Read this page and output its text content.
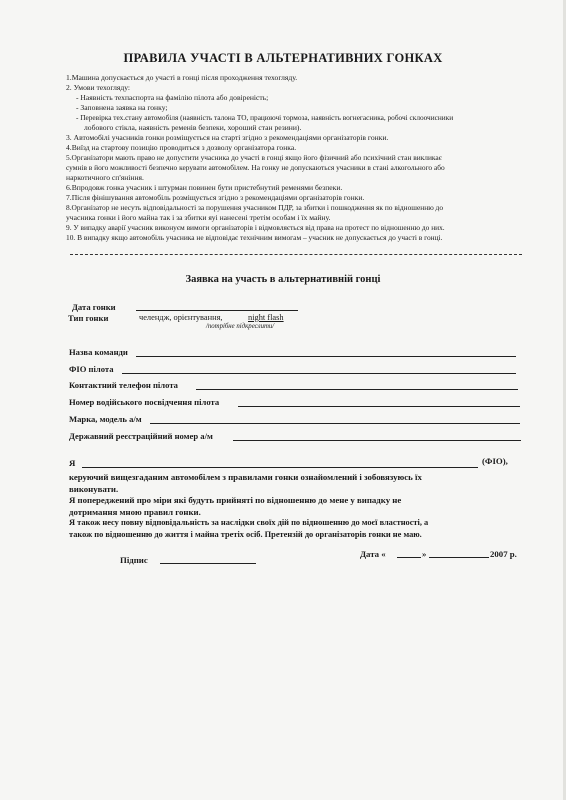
ПРАВИЛА УЧАСТІ В АЛЬТЕРНАТИВНИХ ГОНКАХ
1.Машина допускається до участі в гонці після проходження техогляду.
2. Умови техогляду:
- Наявність техпаспорта на фамілію пілота або довіреність;
- Заповнена заявка на гонку;
- Перевірка тех.стану автомобіля (наявність талона ТО, працюючі тормоза, наявність вогнегасника, робочі склоочисники
лобового стікла, наявність ременів безпеки, хороший стан резини).
3. Автомобілі учасників гонки розміщується на старті згідно з рекомендаціями організаторів гонки.
4.Виїзд на стартову позицію проводиться з дозволу організатора гонка.
5.Організатори мають право не допустити учасника до участі в гонці якщо його фізичний або психічний стан викликає
сумнів в його можливості безпечно керувати автомобілем. На гонку не допускаються учасники в стані алкогольного або
наркотичного сп'яніння.
6.Впродовж гонка учасник і штурман повинен бути пристебнутий ременями безпеки.
7.Після фінішування автомобіль розміщується згідно з рекомендаціями організаторів гонки.
8.Організатор не несуть відповідальності за порушення учасником ПДР, за збитки і пошкодження як по відношенню до
учасника гонки і його майна так і за збитки яуі нанесені третім особам і їх майну.
9. У випадку аварії учасник виконуєм вимоги організаторів і відмовляється від права на протест по відношенню до них.
10. В випадку якщо автомобіль учасника не відповідає технічним вимогам – учасник не допускається до участі в гонці.
Заявка на участь в альтернативній гонці
Дата гонки
Тип гонки	челендж, орієнтування,	night flash
/потрібне підкреслити/
Назва команди
ФІО пілота
Контактний телефон пілота
Номер водійського посвідчення пілота
Марка, модель а/м
Державний реєстраційний номер а/м
Я	(ФІО),
керуючий вищезгаданим автомобілем з правилами гонки ознайомлений і зобовязуюсь їх
виконувати.
Я попереджений про міри які будуть прийняті по відношенню до мене у випадку не
дотримання мною правил гонки.
Я також несу повну відповідальність за наслідки своїх дій по відношенню до моєї властності, а
також по відношенню до життя і майна третіх осіб. Претензій до організаторів гонки не маю.
Підпис
Дата «	»	2007 р.
